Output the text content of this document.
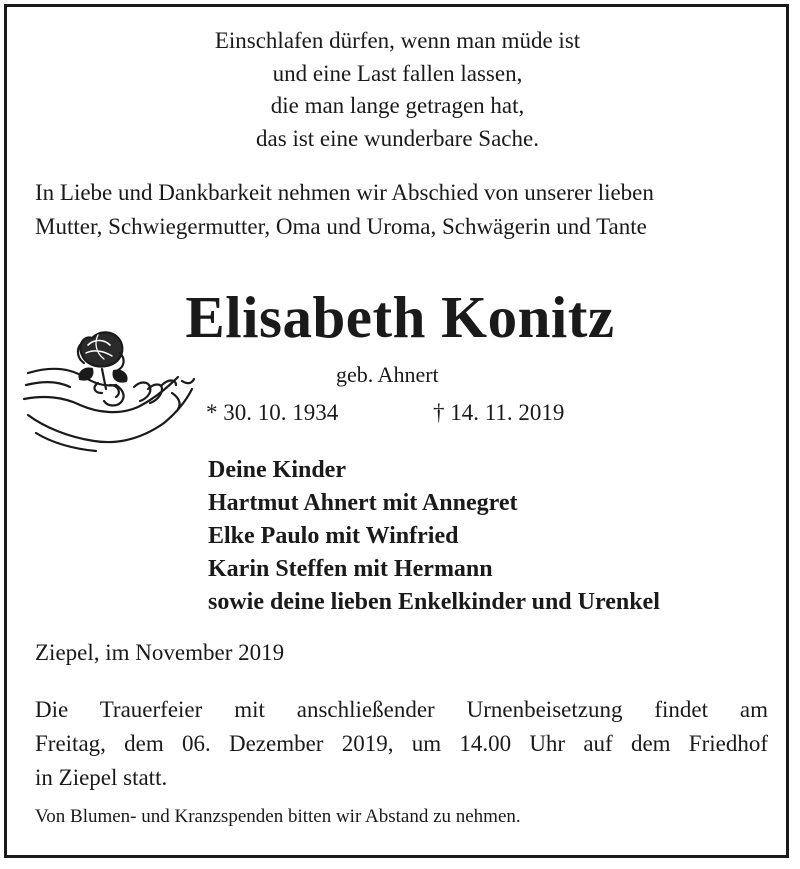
Einschlafen dürfen, wenn man müde ist
und eine Last fallen lassen,
die man lange getragen hat,
das ist eine wunderbare Sache.
In Liebe und Dankbarkeit nehmen wir Abschied von unserer lieben
Mutter, Schwiegermutter, Oma und Uroma, Schwägerin und Tante
Elisabeth Konitz
geb. Ahnert
* 30. 10. 1934	† 14. 11. 2019
Deine Kinder
Hartmut Ahnert mit Annegret
Elke Paulo mit Winfried
Karin Steffen mit Hermann
sowie deine lieben Enkelkinder und Urenkel
Ziepel, im November 2019
Die Trauerfeier mit anschließender Urnenbeisetzung findet am
Freitag, dem 06. Dezember 2019, um 14.00 Uhr auf dem Friedhof
in Ziepel statt.
Von Blumen- und Kranzspenden bitten wir Abstand zu nehmen.
